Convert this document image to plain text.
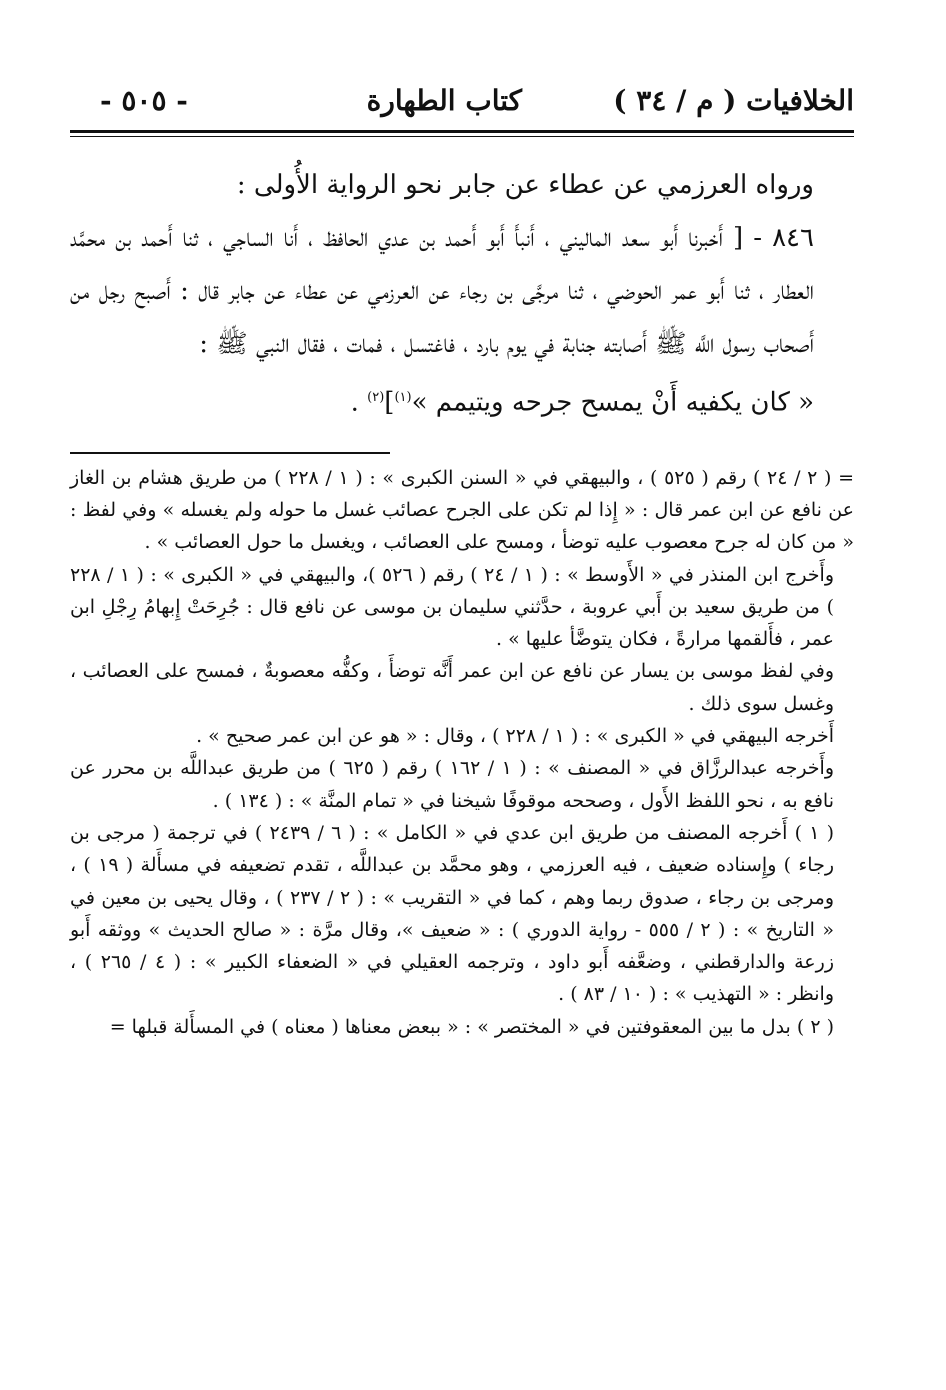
الخلافيات ( م / ٣٤ )
كتاب الطهارة
- ٥٠٥ -

ورواه العرزمي عن عطاء عن جابر نحو الرواية الأُولى :

٨٤٦ - [ أَخبرنا أَبو سعد الماليني ، أَنبأَ أَبو أَحمد بن عدي الحافظ ، أَنا الساجي ، ثنا أَحمد بن محمَّد العطار ، ثنا أَبو عمر الحوضي ، ثنا مرجَّى بن رجاء عن العرزمي عن عطاء عن جابر قال : أَصبح رجل من أَصحاب رسول اللَّه ﷺ أَصابته جنابة في يوم بارد ، فاغتسل ، فمات ، فقال النبي ﷺ :

« كان يكفيه أَنْ يمسح جرحه ويتيمم »$^{(١)}$]$^{(٢)}$ .

= ( ٢ / ٢٤ ) رقم ( ٥٢٥ ) ، والبيهقي في « السنن الكبرى » : ( ١ / ٢٢٨ ) من طريق هشام بن الغاز عن نافع عن ابن عمر قال : « إِذا لم تكن على الجرح عصائب غسل ما حوله ولم يغسله » وفي لفظ : « من كان له جرح معصوب عليه توضأ ، ومسح على العصائب ، ويغسل ما حول العصائب » .

وأَخرج ابن المنذر في « الأَوسط » : ( ١ / ٢٤ ) رقم ( ٥٢٦ )، والبيهقي في « الكبرى » : ( ١ / ٢٢٨ ) من طريق سعيد بن أَبي عروبة ، حدَّثني سليمان بن موسى عن نافع قال : جُرِحَتْ إِبهامُ رِجْلِ ابن عمر ، فأَلقمها مرارةً ، فكان يتوضَّأ عليها » .

وفي لفظ موسى بن يسار عن نافع عن ابن عمر أَنَّه توضأَ ، وكفُّه معصوبةٌ ، فمسح على العصائب ، وغسل سوى ذلك .

أَخرجه البيهقي في « الكبرى » : ( ١ / ٢٢٨ ) ، وقال : « هو عن ابن عمر صحيح » .

وأَخرجه عبدالرزَّاق في « المصنف » : ( ١ / ١٦٢ ) رقم ( ٦٢٥ ) من طريق عبداللَّه بن محرر عن نافع به ، نحو اللفظ الأَول ، وصححه موقوفًا شيخنا في « تمام المنَّة » : ( ١٣٤ ) .

( ١ ) أَخرجه المصنف من طريق ابن عدي في « الكامل » : ( ٦ / ٢٤٣٩ ) في ترجمة ( مرجى بن رجاء ) وإِسناده ضعيف ، فيه العرزمي ، وهو محمَّد بن عبداللَّه ، تقدم تضعيفه في مسأَلة ( ١٩ ) ، ومرجى بن رجاء ، صدوق ربما وهم ، كما في « التقريب » : ( ٢ / ٢٣٧ ) ، وقال يحيى بن معين في « التاريخ » : ( ٢ / ٥٥٥ - رواية الدوري ) : « ضعيف »، وقال مرَّة : « صالح الحديث » ووثقه أَبو زرعة والدارقطني ، وضعَّفه أَبو داود ، وترجمه العقيلي في « الضعفاء الكبير » : ( ٤ / ٢٦٥ ) ، وانظر : « التهذيب » : ( ١٠ / ٨٣ ) .

( ٢ ) بدل ما بين المعقوفتين في « المختصر » : « ببعض معناها ( معناه ) في المسأَلة قبلها =
